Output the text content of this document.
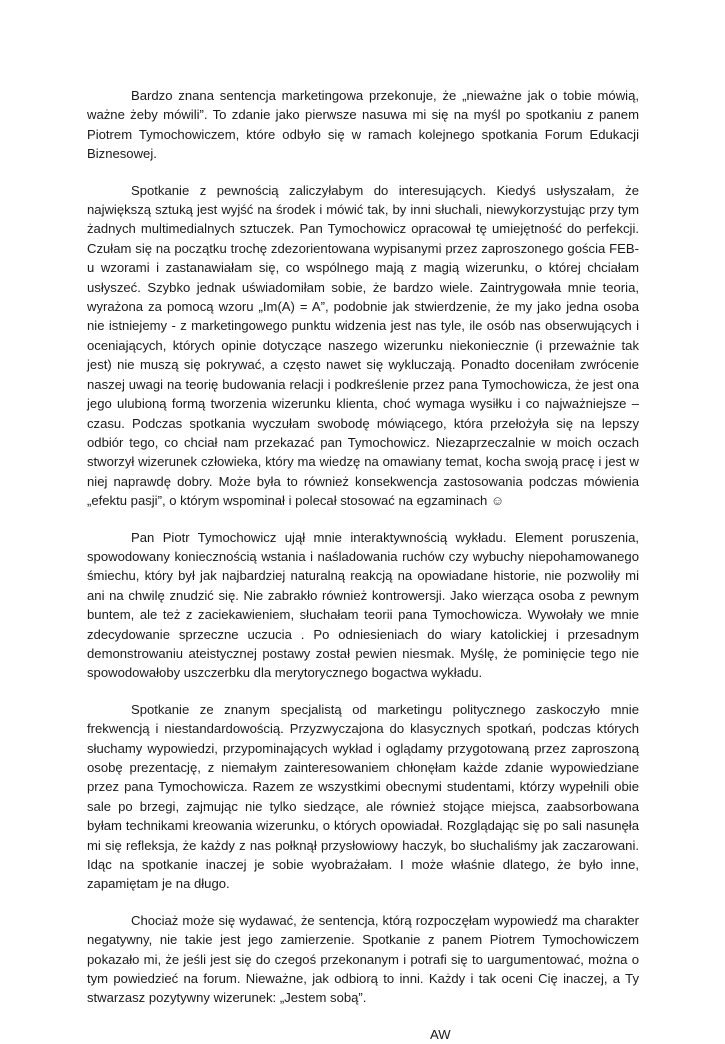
Bardzo znana sentencja marketingowa przekonuje, że „nieważne jak o tobie mówią, ważne żeby mówili”. To zdanie jako pierwsze nasuwa mi się na myśl po spotkaniu z panem Piotrem Tymochowiczem, które odbyło się w ramach kolejnego spotkania Forum Edukacji Biznesowej.

Spotkanie z pewnością zaliczyłabym do interesujących. Kiedyś usłyszałam, że największą sztuką jest wyjść na środek i mówić tak, by inni słuchali, niewykorzystując przy tym żadnych multimedialnych sztuczek. Pan Tymochowicz opracował tę umiejętność do perfekcji. Czułam się na początku trochę zdezorientowana wypisanymi przez zaproszonego gościa FEB-u wzorami i zastanawiałam się, co wspólnego mają z magią wizerunku, o której chciałam usłyszeć. Szybko jednak uświadomiłam sobie, że bardzo wiele. Zaintrygowała mnie teoria, wyrażona za pomocą wzoru „Im(A) = A”, podobnie jak stwierdzenie, że my jako jedna osoba nie istniejemy - z marketingowego punktu widzenia jest nas tyle, ile osób nas obserwujących i oceniających, których opinie dotyczące naszego wizerunku niekoniecznie (i przeważnie tak jest) nie muszą się pokrywać, a często nawet się wykluczają. Ponadto doceniłam zwrócenie naszej uwagi na teorię budowania relacji i podkreślenie przez pana Tymochowicza, że jest ona jego ulubioną formą tworzenia wizerunku klienta, choć wymaga wysiłku i co najważniejsze – czasu. Podczas spotkania wyczułam swobodę mówiącego, która przełożyła się na lepszy odbiór tego, co chciał nam przekazać pan Tymochowicz. Niezaprzeczalnie w moich oczach stworzył wizerunek człowieka, który ma wiedzę na omawiany temat, kocha swoją pracę i jest w niej naprawdę dobry. Może była to również konsekwencja zastosowania podczas mówienia „efektu pasji”, o którym wspominał i polecał stosować na egzaminach ☺

Pan Piotr Tymochowicz ujął mnie interaktywnością wykładu. Element poruszenia, spowodowany koniecznością wstania i naśladowania ruchów czy wybuchy niepohamowanego śmiechu, który był jak najbardziej naturalną reakcją na opowiadane historie, nie pozwoliły mi ani na chwilę znudzić się. Nie zabrakło również kontrowersji. Jako wierząca osoba z pewnym buntem, ale też z zaciekawieniem, słuchałam teorii pana Tymochowicza. Wywołały we mnie zdecydowanie sprzeczne uczucia . Po odniesieniach do wiary katolickiej i przesadnym demonstrowaniu ateistycznej postawy został pewien niesmak. Myślę, że pominięcie tego nie spowodowałoby uszczerbku dla merytorycznego bogactwa wykładu.

Spotkanie ze znanym specjalistą od marketingu politycznego zaskoczyło mnie frekwencją i niestandardowością. Przyzwyczajona do klasycznych spotkań, podczas których słuchamy wypowiedzi, przypominających wykład i oglądamy przygotowaną przez zaproszoną osobę prezentację, z niemałym zainteresowaniem chłonęłam każde zdanie wypowiedziane przez pana Tymochowicza. Razem ze wszystkimi obecnymi studentami, którzy wypełnili obie sale po brzegi, zajmując nie tylko siedzące, ale również stojące miejsca, zaabsorbowana byłam technikami kreowania wizerunku, o których opowiadał. Rozglądając się po sali nasunęła mi się refleksja, że każdy z nas połknął przysłowiowy haczyk, bo słuchaliśmy jak zaczarowani. Idąc na spotkanie inaczej je sobie wyobrażałam. I może właśnie dlatego, że było inne, zapamiętam je na długo.

Chociaż może się wydawać, że sentencja, którą rozpoczęłam wypowiedź ma charakter negatywny, nie takie jest jego zamierzenie. Spotkanie z panem Piotrem Tymochowiczem pokazało mi, że jeśli jest się do czegoś przekonanym i potrafi się to uargumentować, można o tym powiedzieć na forum. Nieważne, jak odbiorą to inni. Każdy i tak oceni Cię inaczej, a Ty stwarzasz pozytywny wizerunek: „Jestem sobą”.

AW
